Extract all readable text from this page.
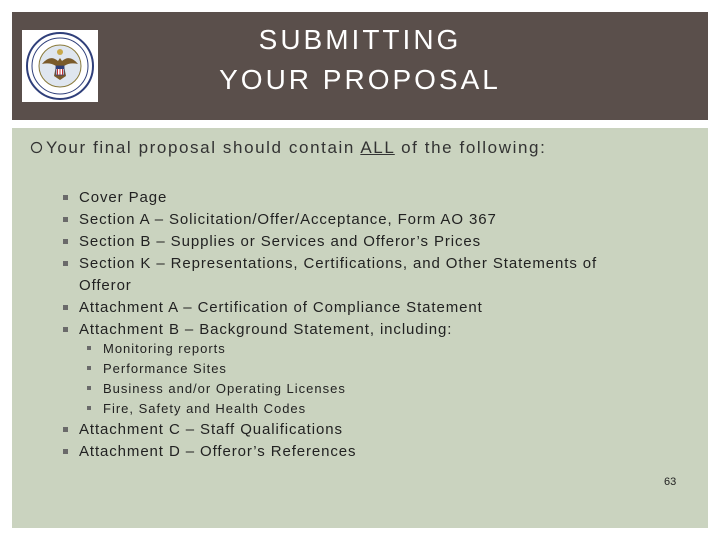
SUBMITTING
YOUR PROPOSAL
Your final proposal should contain ALL of the following:
Cover Page
Section A – Solicitation/Offer/Acceptance, Form AO 367
Section B – Supplies or Services and Offeror’s Prices
Section K – Representations, Certifications, and Other Statements of
Offeror
Attachment A – Certification of Compliance Statement
Attachment B – Background Statement, including:
Monitoring reports
Performance Sites
Business and/or Operating Licenses
Fire, Safety and Health Codes
Attachment C – Staff Qualifications
Attachment D – Offeror’s References
63
